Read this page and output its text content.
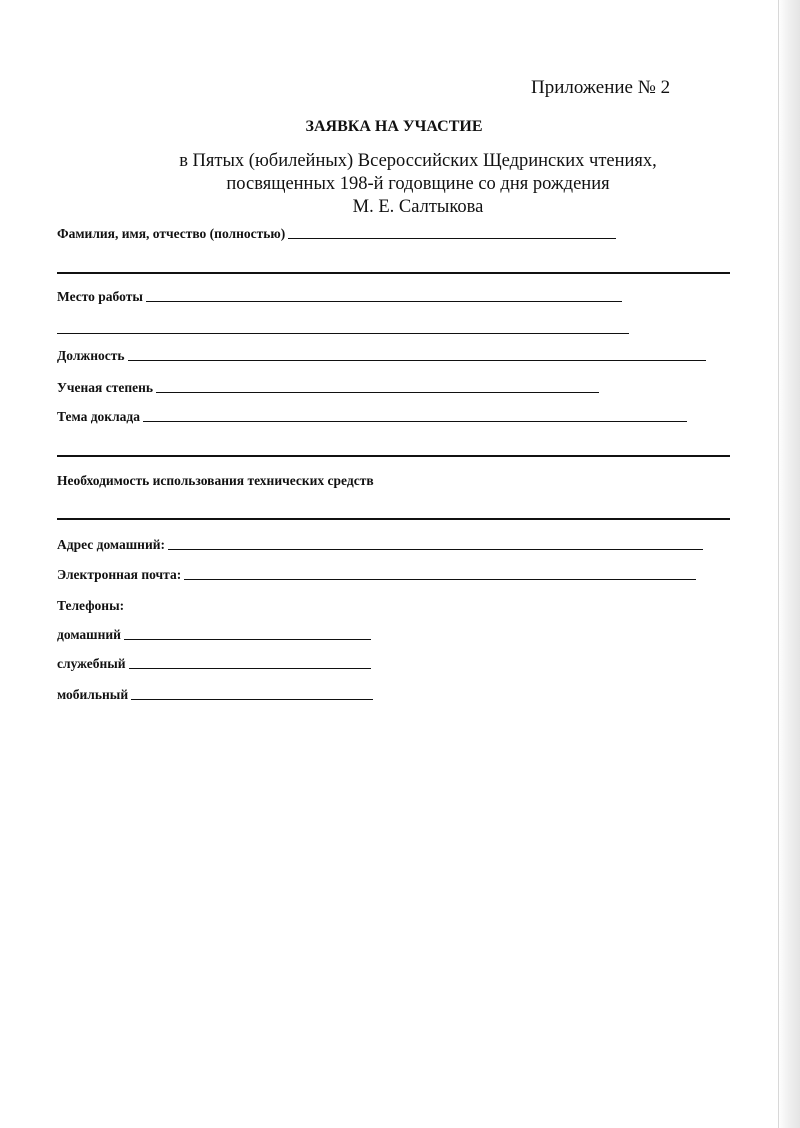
Приложение № 2
ЗАЯВКА НА УЧАСТИЕ
в Пятых (юбилейных) Всероссийских Щедринских чтениях,
посвященных 198-й годовщине со дня рождения
М. Е. Салтыкова
Фамилия, имя, отчество (полностью)
Место работы
Должность
Ученая степень
Тема доклада
Необходимость использования технических средств
Адрес домашний:
Электронная почта:
Телефоны:
домашний
служебный
мобильный
